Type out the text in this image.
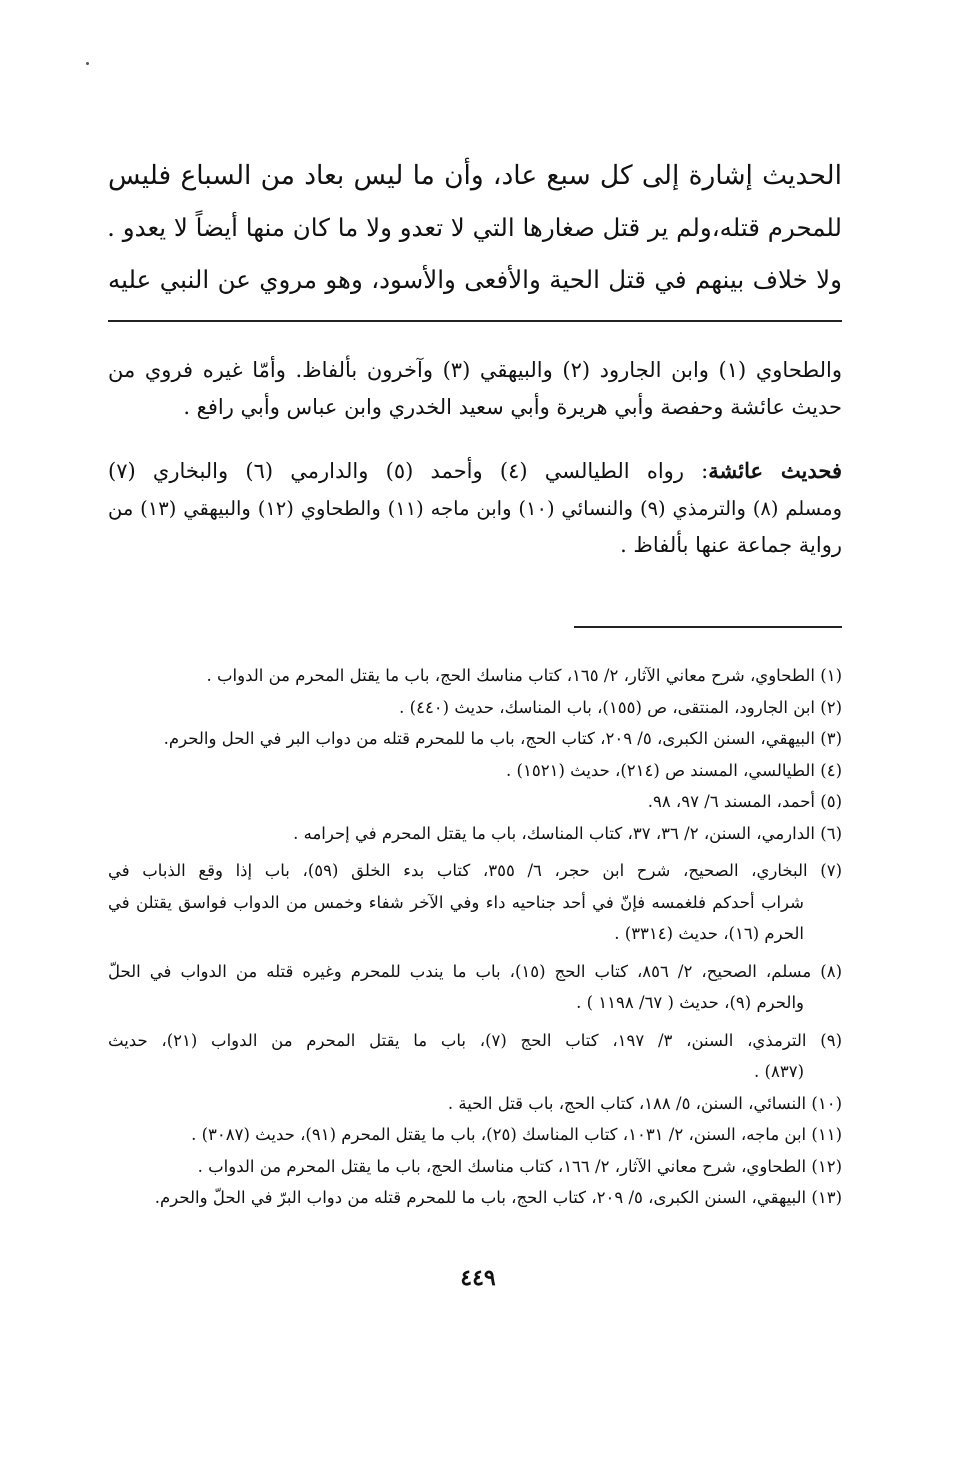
الحديث إشارة إلى كل سبع عاد، وأن ما ليس بعاد من السباع فليس
للمحرم قتله،ولم ير قتل صغارها التي لا تعدو ولا ما كان منها أيضاً لا يعدو .
ولا خلاف بينهم في قتل الحية والأفعى والأسود، وهو مروي عن النبي عليه
والطحاوي (١) وابن الجارود (٢) والبيهقي (٣) وآخرون بألفاظ. وأمّا غيره فروي من
حديث عائشة وحفصة وأبي هريرة وأبي سعيد الخدري وابن عباس وأبي رافع .
فحديث عائشة: رواه الطيالسي (٤) وأحمد (٥) والدارمي (٦) والبخاري (٧)
ومسلم (٨) والترمذي (٩) والنسائي (١٠) وابن ماجه (١١) والطحاوي (١٢) والبيهقي (١٣) من
رواية جماعة عنها بألفاظ .
(١) الطحاوي، شرح معاني الآثار، ٢/ ١٦٥، كتاب مناسك الحج، باب ما يقتل المحرم من الدواب .
(٢) ابن الجارود، المنتقى، ص (١٥٥)، باب المناسك، حديث (٤٤٠) .
(٣) البيهقي، السنن الكبرى، ٥/ ٢٠٩، كتاب الحج، باب ما للمحرم قتله من دواب البر في الحل والحرم.
(٤) الطيالسي، المسند ص (٢١٤)، حديث (١٥٢١) .
(٥) أحمد، المسند ٦/ ٩٧، ٩٨.
(٦) الدارمي، السنن، ٢/ ٣٦، ٣٧، كتاب المناسك، باب ما يقتل المحرم في إحرامه .
(٧) البخاري، الصحيح، شرح ابن حجر، ٦/ ٣٥٥، كتاب بدء الخلق (٥٩)، باب إذا وقع الذباب في
شراب أحدكم فلغمسه فإنّ في أحد جناحيه داء وفي الآخر شفاء وخمس من الدواب فواسق يقتلن في
الحرم (١٦)، حديث (٣٣١٤) .
(٨) مسلم، الصحيح، ٢/ ٨٥٦، كتاب الحج (١٥)، باب ما يندب للمحرم وغيره قتله من الدواب في الحلّ
والحرم (٩)، حديث ( ٦٧/ ١١٩٨ ) .
(٩) الترمذي، السنن، ٣/ ١٩٧، كتاب الحج (٧)، باب ما يقتل المحرم من الدواب (٢١)، حديث
(٨٣٧) .
(١٠) النسائي، السنن، ٥/ ١٨٨، كتاب الحج، باب قتل الحية .
(١١) ابن ماجه، السنن، ٢/ ١٠٣١، كتاب المناسك (٢٥)، باب ما يقتل المحرم (٩١)، حديث (٣٠٨٧) .
(١٢) الطحاوي، شرح معاني الآثار، ٢/ ١٦٦، كتاب مناسك الحج، باب ما يقتل المحرم من الدواب .
(١٣) البيهقي، السنن الكبرى، ٥/ ٢٠٩، كتاب الحج، باب ما للمحرم قتله من دواب البرّ في الحلّ والحرم.
٤٤٩
